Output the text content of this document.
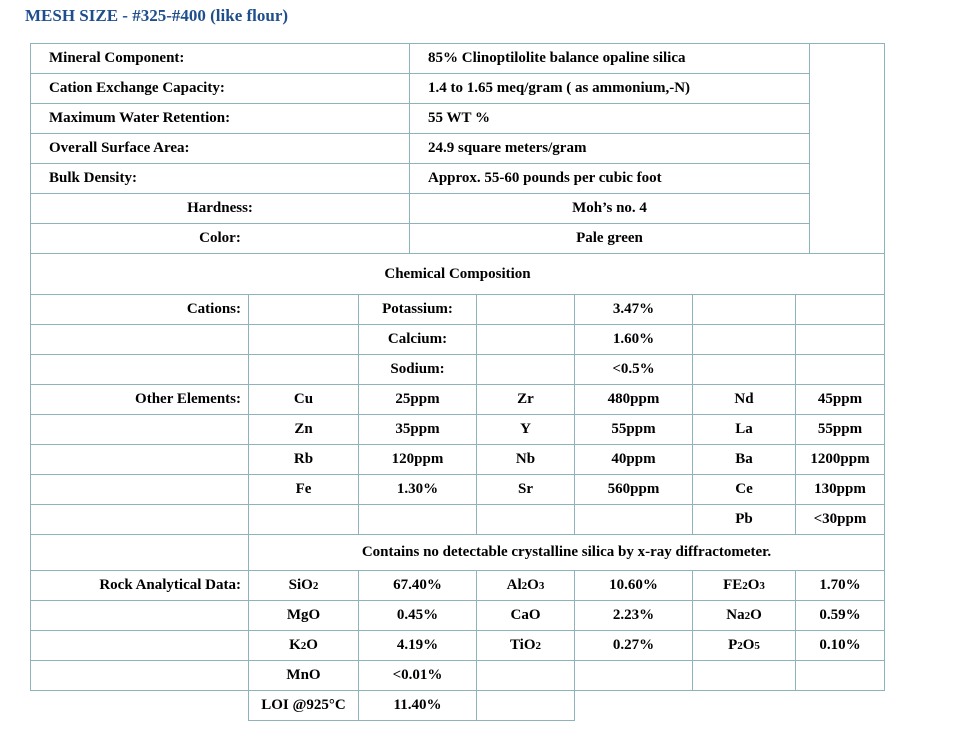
MESH SIZE - #325-#400 (like flour)
Mineral Component:	85% Clinoptilolite balance opaline silica
Cation Exchange Capacity:	1.4 to 1.65 meq/gram ( as ammonium,-N)
Maximum Water Retention:	55 WT %
Overall Surface Area:	24.9 square meters/gram
Bulk Density:	Approx. 55-60 pounds per cubic foot
Hardness:	Moh’s no. 4
Color:	Pale green
Chemical Composition
Cations:	Potassium:	3.47%
Calcium:	1.60%
Sodium:	<0.5%
Other Elements:	Cu	25ppm	Zr	480ppm	Nd	45ppm
Zn	35ppm	Y	55ppm	La	55ppm
Rb	120ppm	Nb	40ppm	Ba	1200ppm
Fe	1.30%	Sr	560ppm	Ce	130ppm
Pb	<30ppm
Contains no detectable crystalline silica by x-ray diffractometer.
Rock Analytical Data:	SiO 2	67.40%	Al 2 O 3	10.60%	FE 2 O 3	1.70%
MgO	0.45%	CaO	2.23%	Na 2 O	0.59%
K 2 O	4.19%	TiO 2	0.27%	P 2 O 5	0.10%
MnO	<0.01%
LOI @925°C	11.40%
